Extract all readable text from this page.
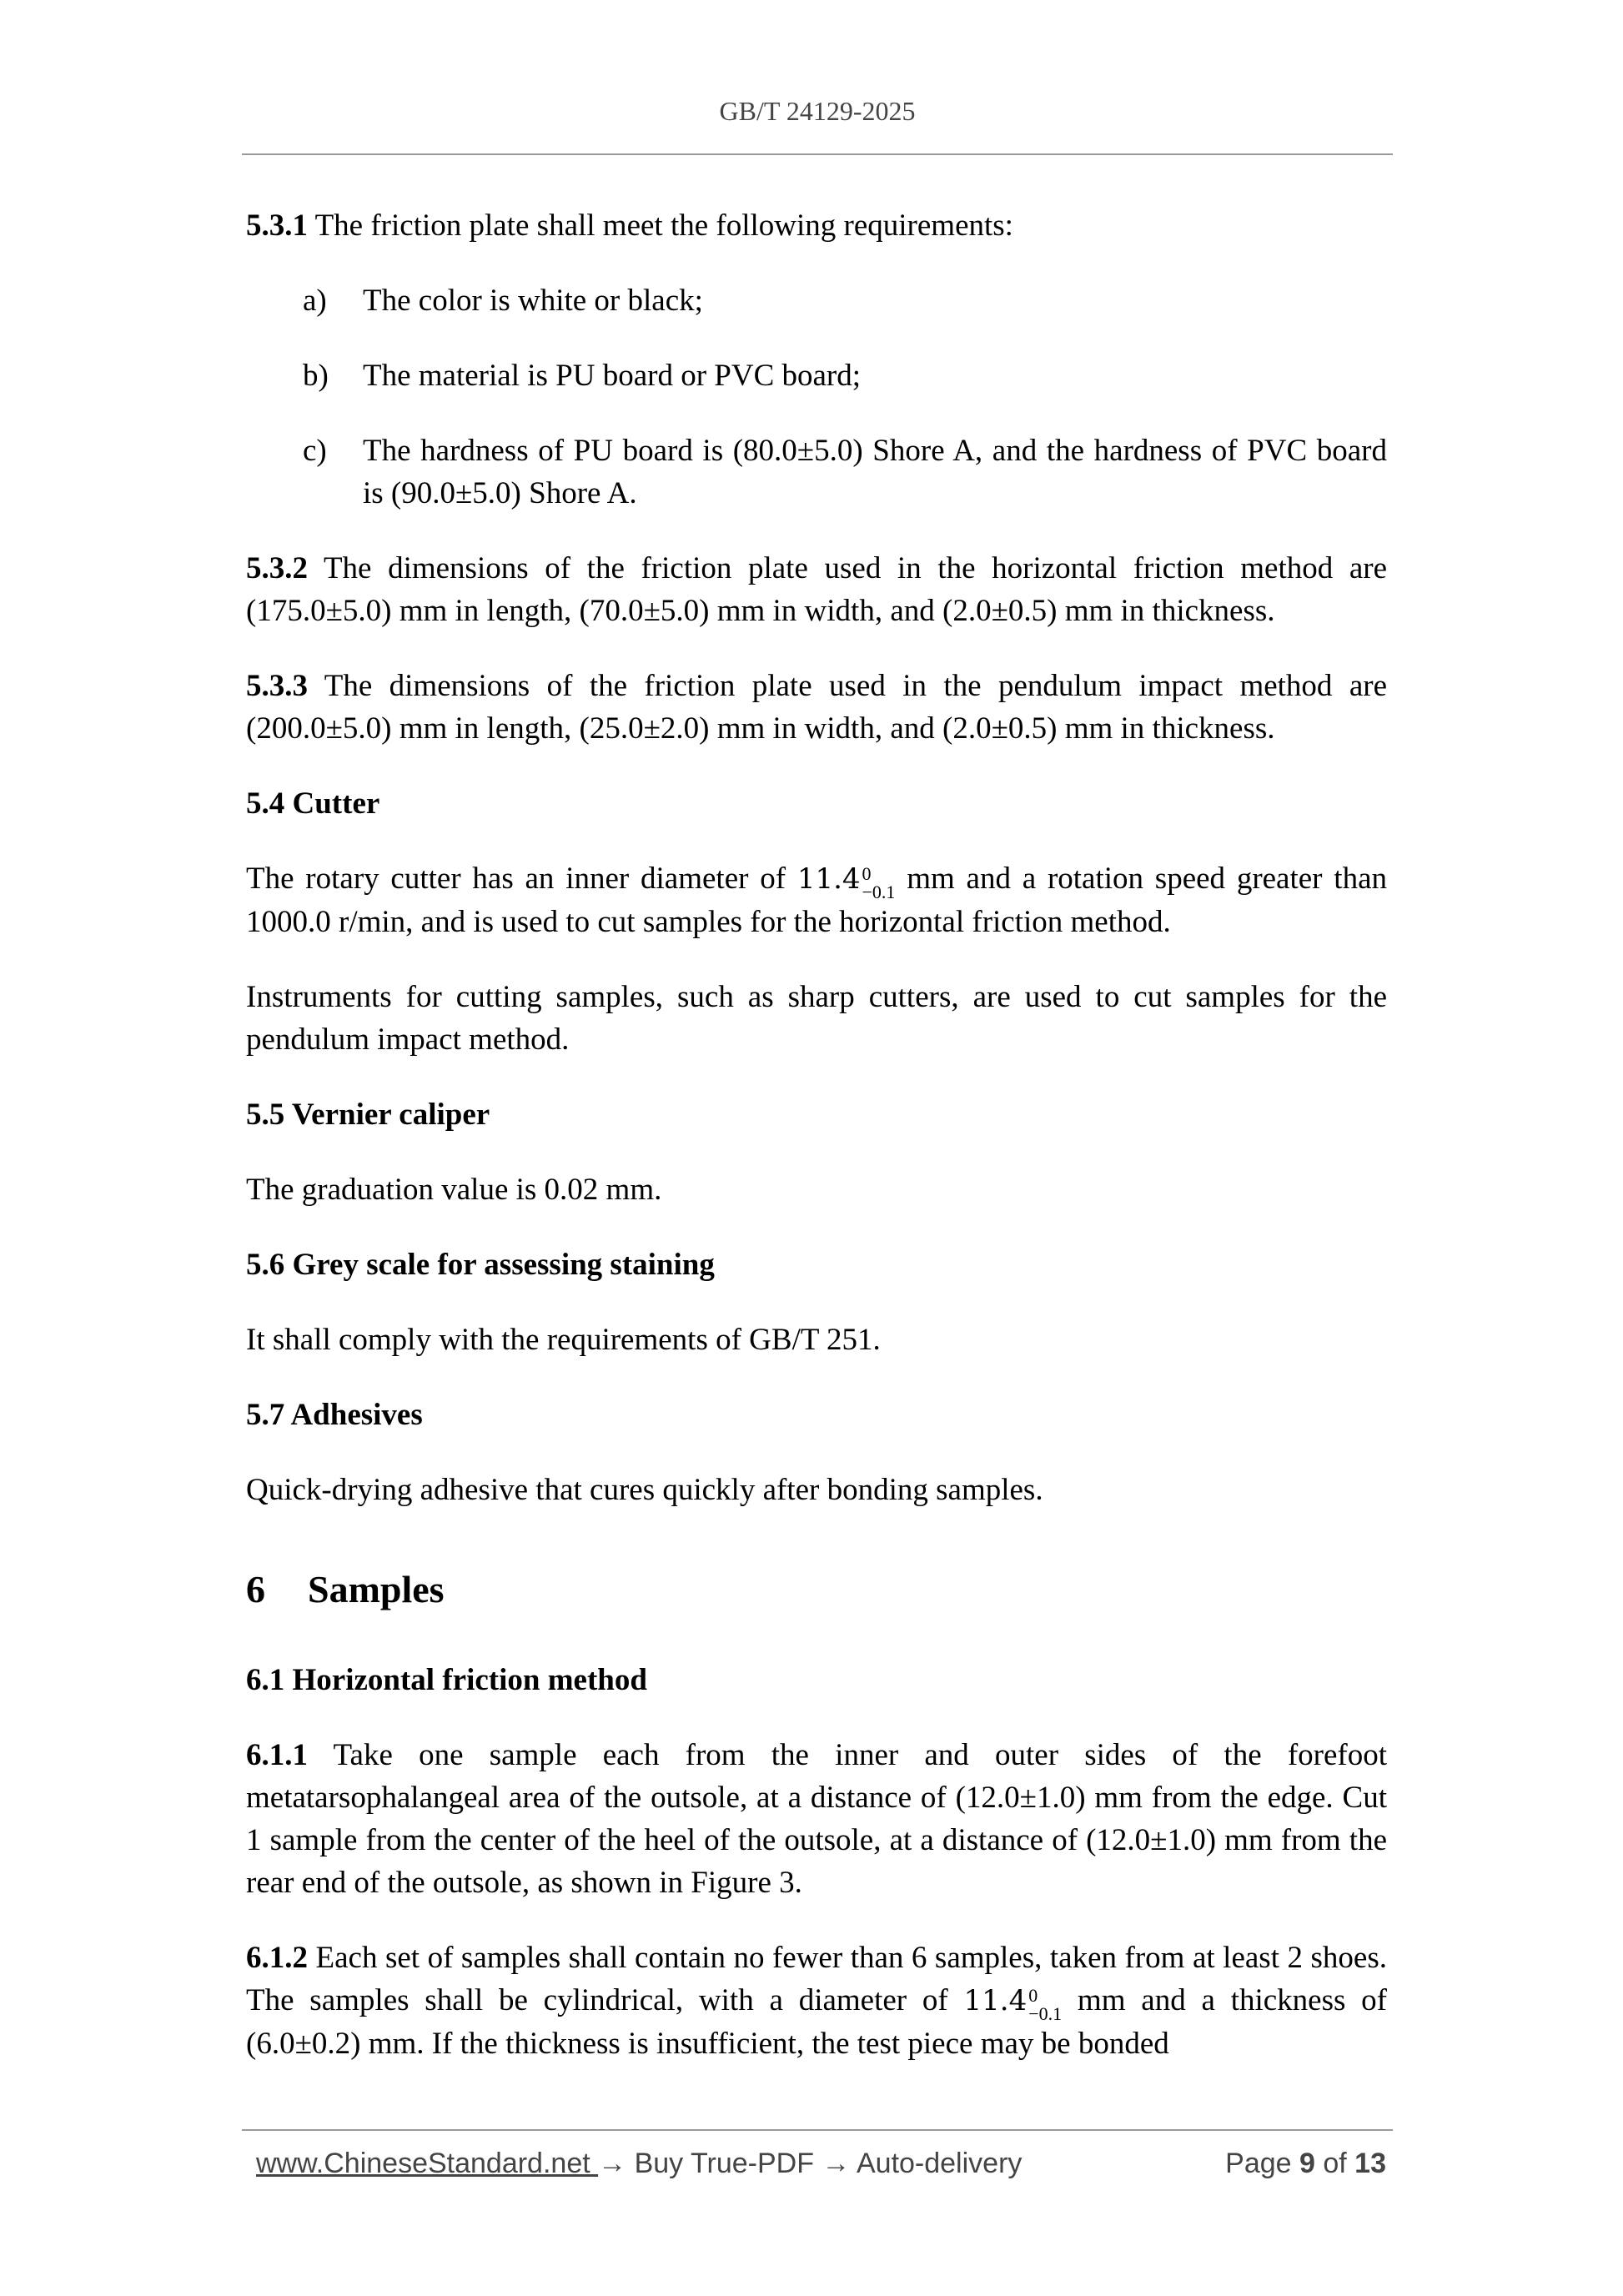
GB/T 24129-2025

5.3.1 The friction plate shall meet the following requirements:

a)	The color is white or black;
b)	The material is PU board or PVC board;
c)	The hardness of PU board is (80.0±5.0) Shore A, and the hardness of PVC board is (90.0±5.0) Shore A.

5.3.2 The dimensions of the friction plate used in the horizontal friction method are (175.0±5.0) mm in length, (70.0±5.0) mm in width, and (2.0±0.5) mm in thickness.

5.3.3 The dimensions of the friction plate used in the pendulum impact method are (200.0±5.0) mm in length, (25.0±2.0) mm in width, and (2.0±0.5) mm in thickness.

5.4 Cutter

The rotary cutter has an inner diameter of 11.4 0
−0.1 mm and a rotation speed greater than 1000.0 r/min, and is used to cut samples for the horizontal friction method.

Instruments for cutting samples, such as sharp cutters, are used to cut samples for the pendulum impact method.

5.5 Vernier caliper

The graduation value is 0.02 mm.

5.6 Grey scale for assessing staining

It shall comply with the requirements of GB/T 251.

5.7 Adhesives

Quick-drying adhesive that cures quickly after bonding samples.

6 Samples
6.1 Horizontal friction method

6.1.1 Take one sample each from the inner and outer sides of the forefoot metatarsophalangeal area of the outsole, at a distance of (12.0±1.0) mm from the edge. Cut 1 sample from the center of the heel of the outsole, at a distance of (12.0±1.0) mm from the rear end of the outsole, as shown in Figure 3.

6.1.2 Each set of samples shall contain no fewer than 6 samples, taken from at least 2 shoes. The samples shall be cylindrical, with a diameter of 11.4 0
−0.1 mm and a thickness of (6.0±0.2) mm. If the thickness is insufficient, the test piece may be bonded

www.ChineseStandard.net → Buy True-PDF → Auto-delivery	Page 9 of 13
